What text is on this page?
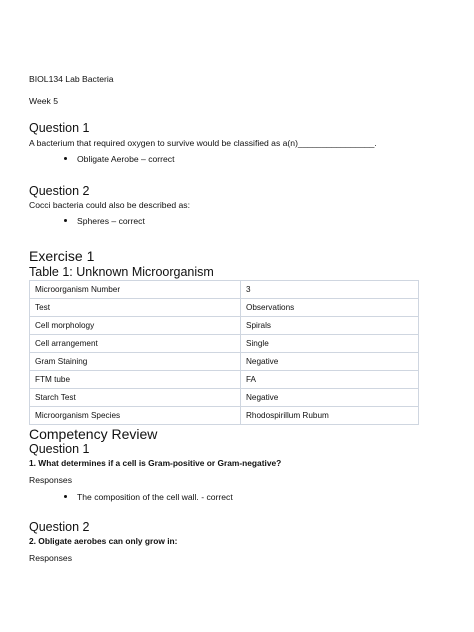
BIOL134 Lab Bacteria
Week 5
Question 1
A bacterium that required oxygen to survive would be classified as a(n)________________.
Obligate Aerobe – correct
Question 2
Cocci bacteria could also be described as:
Spheres – correct
Exercise 1
Table 1: Unknown Microorganism
Microorganism Number	3
Test	Observations
Cell morphology	Spirals
Cell arrangement	Single
Gram Staining	Negative
FTM tube	FA
Starch Test	Negative
Microorganism Species	Rhodospirillum Rubum
Competency Review
Question 1
1. What determines if a cell is Gram-positive or Gram-negative?
Responses
The composition of the cell wall. - correct
Question 2
2. Obligate aerobes can only grow in:
Responses
